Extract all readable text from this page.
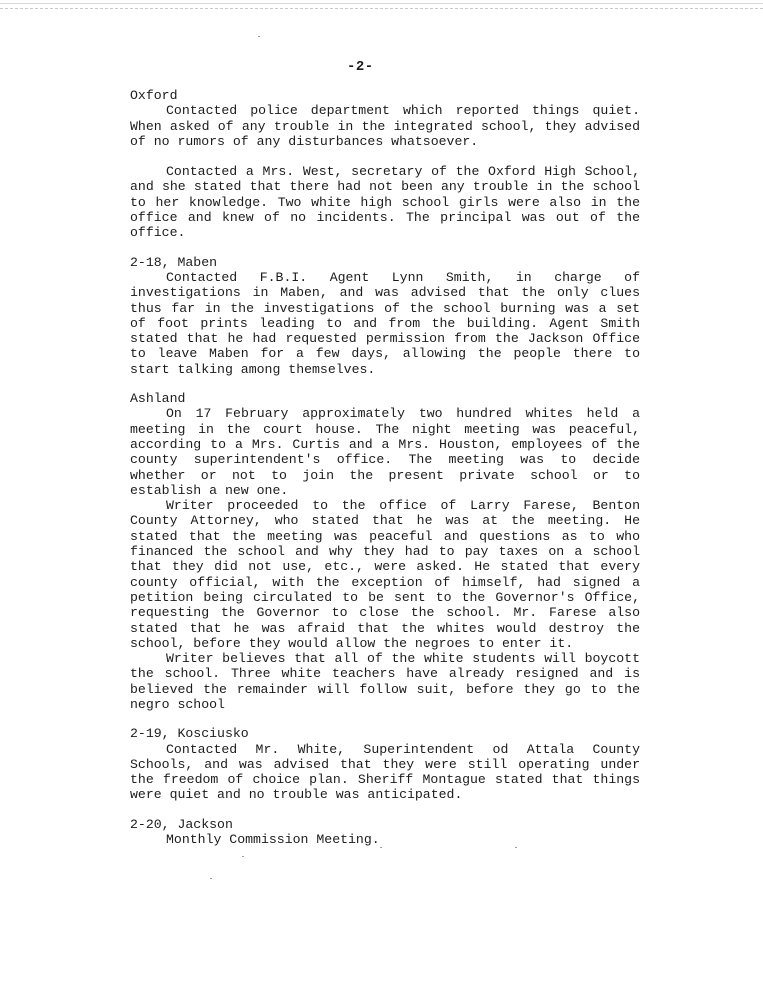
-2-
Oxford
Contacted police department which reported things quiet. When asked of any trouble in the integrated school, they advised of no rumors of any disturbances whatsoever.
Contacted a Mrs. West, secretary of the Oxford High School, and she stated that there had not been any trouble in the school to her knowledge. Two white high school girls were also in the office and knew of no incidents. The principal was out of the office.
2-18, Maben
Contacted F.B.I. Agent Lynn Smith, in charge of investigations in Maben, and was advised that the only clues thus far in the investigations of the school burning was a set of foot prints leading to and from the building. Agent Smith stated that he had requested permission from the Jackson Office to leave Maben for a few days, allowing the people there to start talking among themselves.
Ashland
On 17 February approximately two hundred whites held a meeting in the court house. The night meeting was peaceful, according to a Mrs. Curtis and a Mrs. Houston, employees of the county superintendent's office. The meeting was to decide whether or not to join the present private school or to establish a new one.
Writer proceeded to the office of Larry Farese, Benton County Attorney, who stated that he was at the meeting. He stated that the meeting was peaceful and questions as to who financed the school and why they had to pay taxes on a school that they did not use, etc., were asked. He stated that every county official, with the exception of himself, had signed a petition being circulated to be sent to the Governor's Office, requesting the Governor to close the school. Mr. Farese also stated that he was afraid that the whites would destroy the school, before they would allow the negroes to enter it.
Writer believes that all of the white students will boycott the school. Three white teachers have already resigned and is believed the remainder will follow suit, before they go to the negro school
2-19, Kosciusko
Contacted Mr. White, Superintendent od Attala County Schools, and was advised that they were still operating under the freedom of choice plan. Sheriff Montague stated that things were quiet and no trouble was anticipated.
2-20, Jackson
Monthly Commission Meeting.
